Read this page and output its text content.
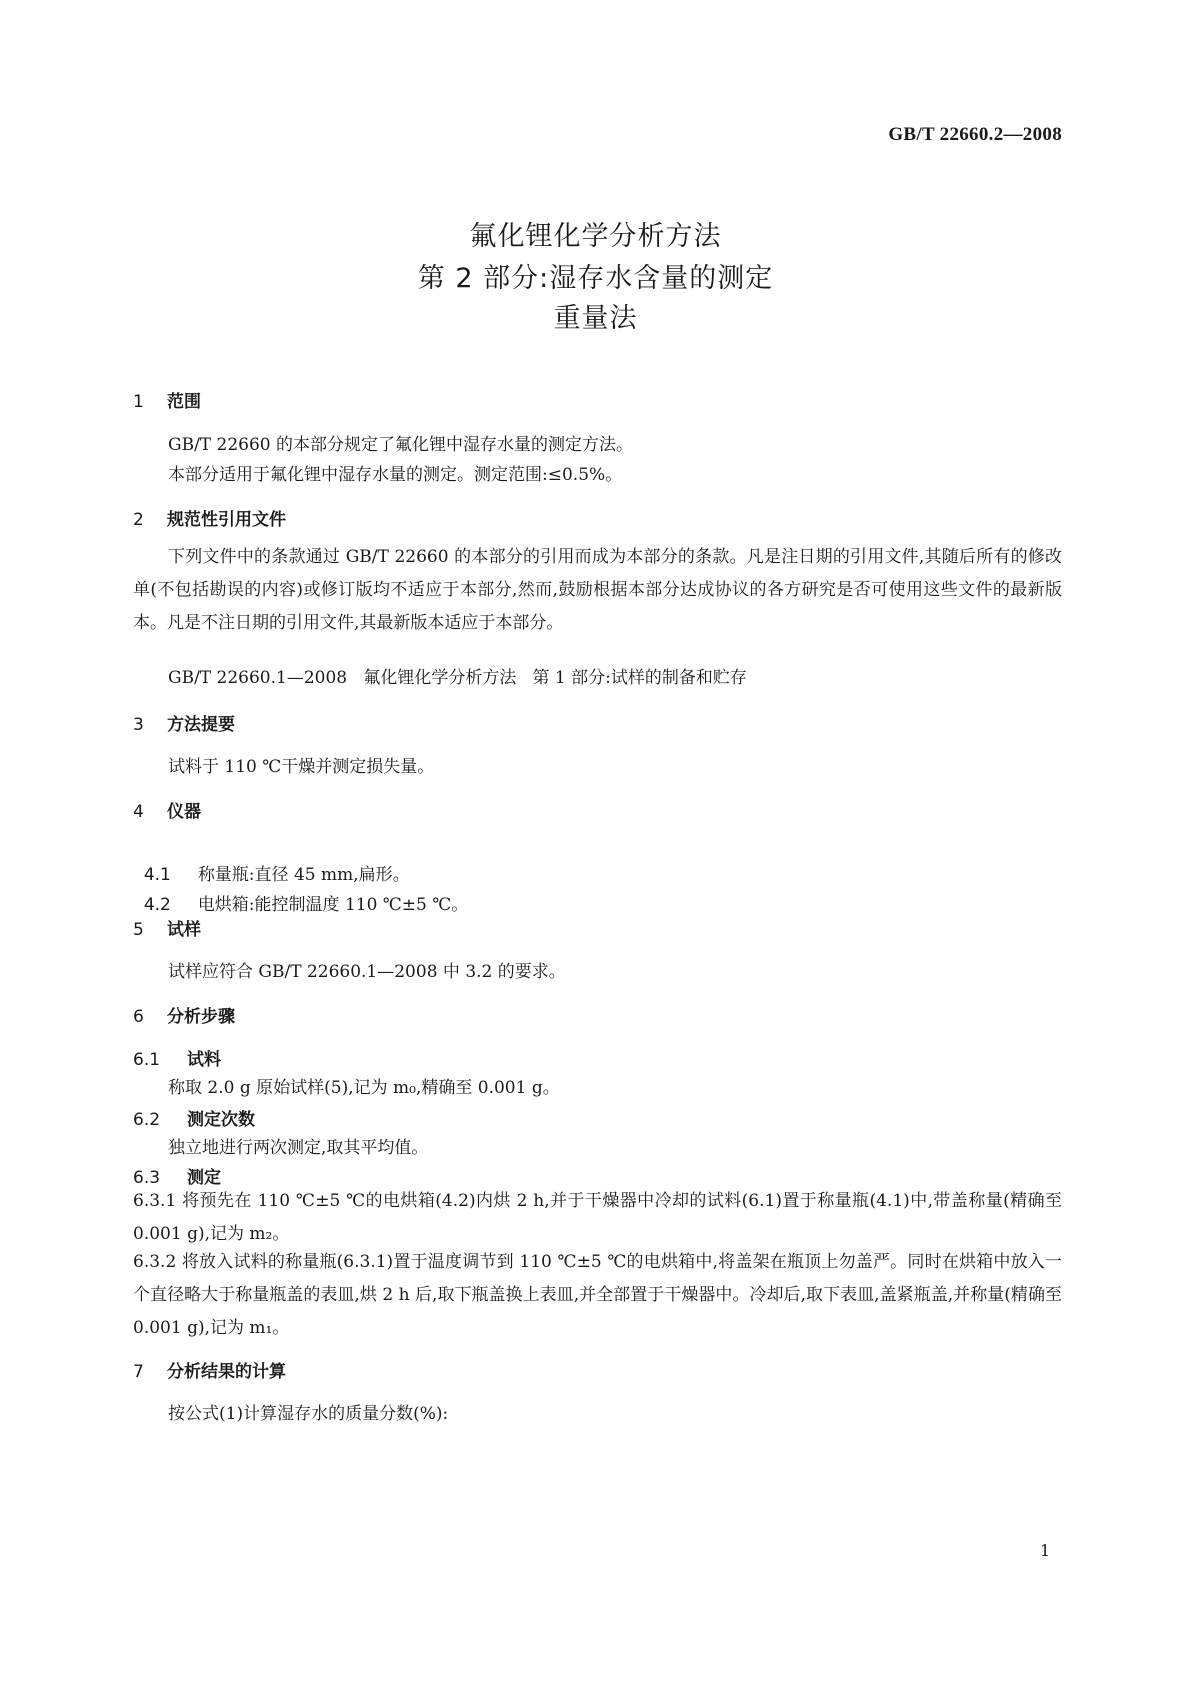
GB/T 22660.2—2008
氟化锂化学分析方法
第 2 部分:湿存水含量的测定
重量法
1 范围
GB/T 22660 的本部分规定了氟化锂中湿存水量的测定方法。
本部分适用于氟化锂中湿存水量的测定。测定范围:≤0.5%。
2 规范性引用文件
下列文件中的条款通过 GB/T 22660 的本部分的引用而成为本部分的条款。凡是注日期的引用文件,其随后所有的修改单(不包括勘误的内容)或修订版均不适应于本部分,然而,鼓励根据本部分达成协议的各方研究是否可使用这些文件的最新版本。凡是不注日期的引用文件,其最新版本适应于本部分。
GB/T 22660.1—2008   氟化锂化学分析方法   第 1 部分:试样的制备和贮存
3 方法提要
试料于 110 ℃干燥并测定损失量。
4 仪器

4.1 称量瓶:直径 45 mm,扁形。

4.2 电烘箱:能控制温度 110 ℃±5 ℃。

5 试样
试样应符合 GB/T 22660.1—2008 中 3.2 的要求。
6 分析步骤
6.1 试料
称取 2.0 g 原始试样(5),记为 m₀,精确至 0.001 g。
6.2 测定次数
独立地进行两次测定,取其平均值。
6.3 测定
6.3.1 将预先在 110 ℃±5 ℃的电烘箱(4.2)内烘 2 h,并于干燥器中冷却的试料(6.1)置于称量瓶(4.1)中,带盖称量(精确至 0.001 g),记为 m₂。
6.3.2 将放入试料的称量瓶(6.3.1)置于温度调节到 110 ℃±5 ℃的电烘箱中,将盖架在瓶顶上勿盖严。同时在烘箱中放入一个直径略大于称量瓶盖的表皿,烘 2 h 后,取下瓶盖换上表皿,并全部置于干燥器中。冷却后,取下表皿,盖紧瓶盖,并称量(精确至 0.001 g),记为 m₁。
7 分析结果的计算
按公式(1)计算湿存水的质量分数(%):
1
